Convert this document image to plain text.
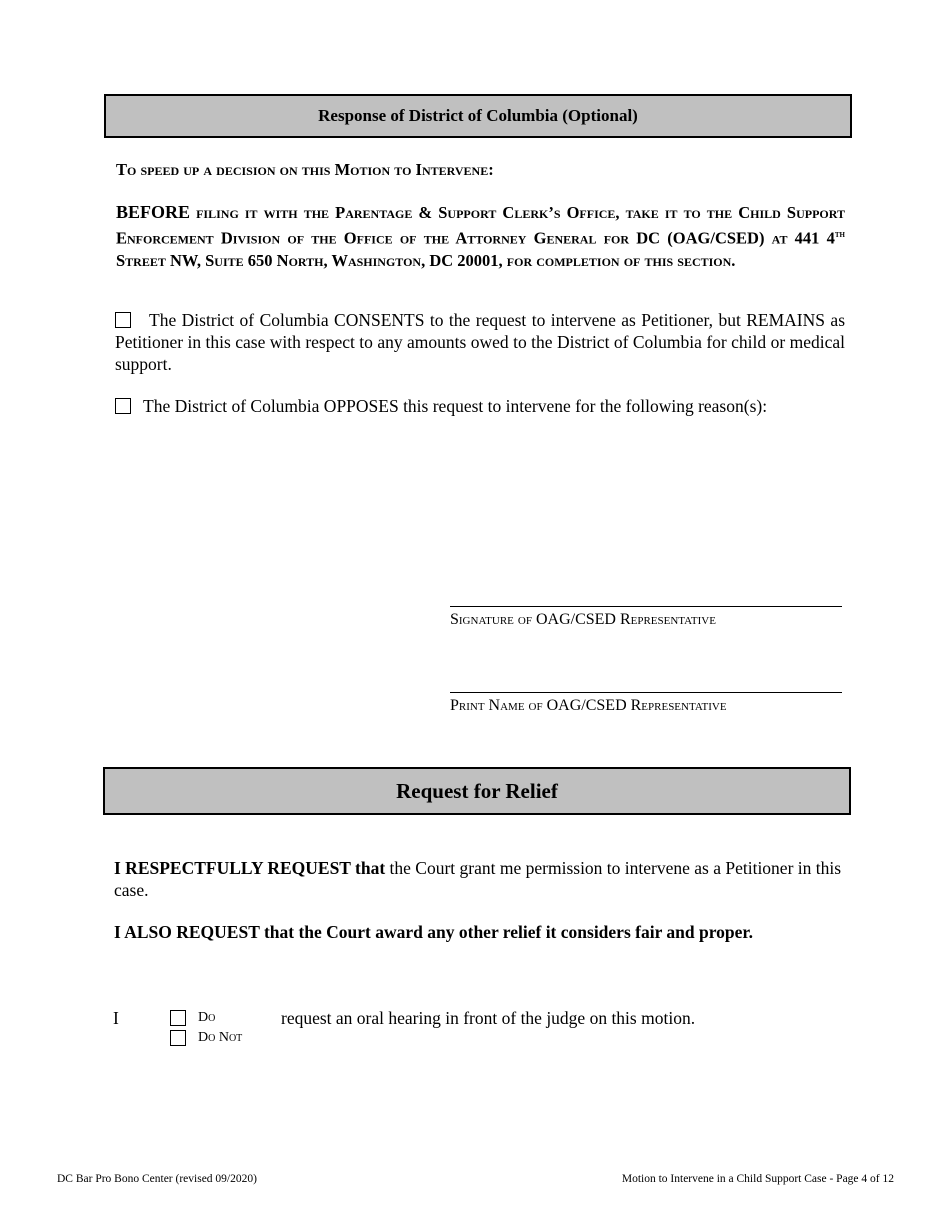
Response of District of Columbia (Optional)
To speed up a decision on this Motion to Intervene:
BEFORE filing it with the Parentage & Support Clerk’s Office, take it to the Child Support Enforcement Division of the Office of the Attorney General for DC (OAG/CSED) at 441 4th Street NW, Suite 650 North, Washington, DC 20001, for completion of this section.
The District of Columbia CONSENTS to the request to intervene as Petitioner, but REMAINS as Petitioner in this case with respect to any amounts owed to the District of Columbia for child or medical support.
The District of Columbia OPPOSES this request to intervene for the following reason(s):
Signature of OAG/CSED Representative
Print Name of OAG/CSED Representative
Request for Relief
I RESPECTFULLY REQUEST that the Court grant me permission to intervene as a Petitioner in this case.
I ALSO REQUEST that the Court award any other relief it considers fair and proper.
I	Do
Do Not
request an oral hearing in front of the judge on this motion.
DC Bar Pro Bono Center (revised 09/2020)	Motion to Intervene in a Child Support Case - Page 4 of 12
